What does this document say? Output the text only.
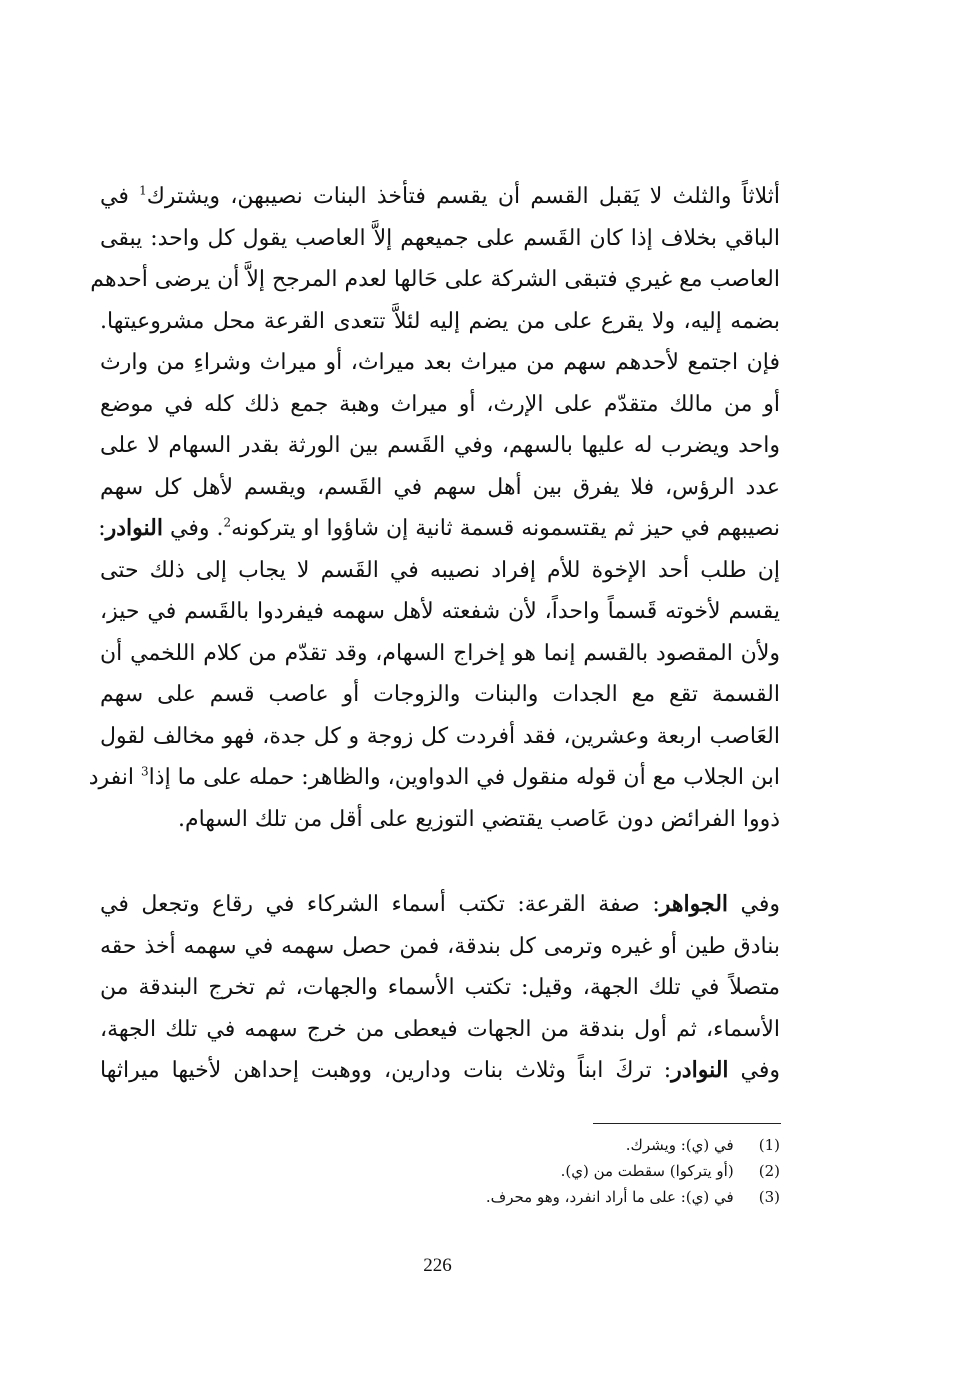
أثلاثاً والثلث لا يَقبل القسم أن يقسم فتأخذ البنات نصيبهن، ويشترك$^1$ في
الباقي بخلاف إذا كان القَسم على جميعهم إلاَّ العاصب يقول كل واحد: يبقى
العاصب مع غيري فتبقى الشركة على حَالها لعدم المرجح إلاَّ أن يرضى أحدهم
بضمه إليه، ولا يقرع على من يضم إليه لئلاَّ تتعدى القرعة محل مشروعيتها.
فإن اجتمع لأحدهم سهم من ميراث بعد ميراث، أو ميراث وشراءِ من وارث
أو من مالك متقدّم على الإرث، أو ميراث وهبة جمع ذلك كله في موضع
واحد ويضرب له عليها بالسهم، وفي القَسم بين الورثة بقدر السهام لا على
عدد الرؤس، فلا يفرق بين أهل سهم في القَسم، ويقسم لأهل كل سهم
نصيبهم في حيز ثم يقتسمونه قسمة ثانية إن شاؤوا او يتركونه$^2$. وفي النوادر:
إن طلب أحد الإخوة للأم إفراد نصيبه في القَسم لا يجاب إلى ذلك حتى
يقسم لأخوته قَسماً واحداً، لأن شفعته لأهل سهمه فيفردوا بالقَسم في حيز،
ولأن المقصود بالقسم إنما هو إخراج السهام، وقد تقدّم من كلام اللخمي أن
القسمة تقع مع الجدات والبنات والزوجات أو عاصب قسم على سهم
العَاصب اربعة وعشرين، فقد أفردت كل زوجة و كل جدة، فهو مخالف لقول
ابن الجلاب مع أن قوله منقول في الدواوين، والظاهر: حمله على ما إذا$^3$ انفرد
ذووا الفرائض دون عَاصب يقتضي التوزيع على أقل من تلك السهام.
وفي الجواهر: صفة القرعة: تكتب أسماء الشركاء في رقاع وتجعل في
بنادق طين أو غيره وترمى كل بندقة، فمن حصل سهمه في سهمه أخذ حقه
متصلاً في تلك الجهة، وقيل: تكتب الأسماء والجهات، ثم تخرج البندقة من
الأسماء، ثم أول بندقة من الجهات فيعطى من خرج سهمه في تلك الجهة،
وفي النوادر: تركَ ابناً وثلاث بنات ودارين، ووهبت إحداهن لأخيها ميراثها
(1)   في (ي): ويشرك.
(2)   (أو يتركوا) سقطت من (ي).
(3)   في (ي): على ما أراد انفرد، وهو محرف.
226
